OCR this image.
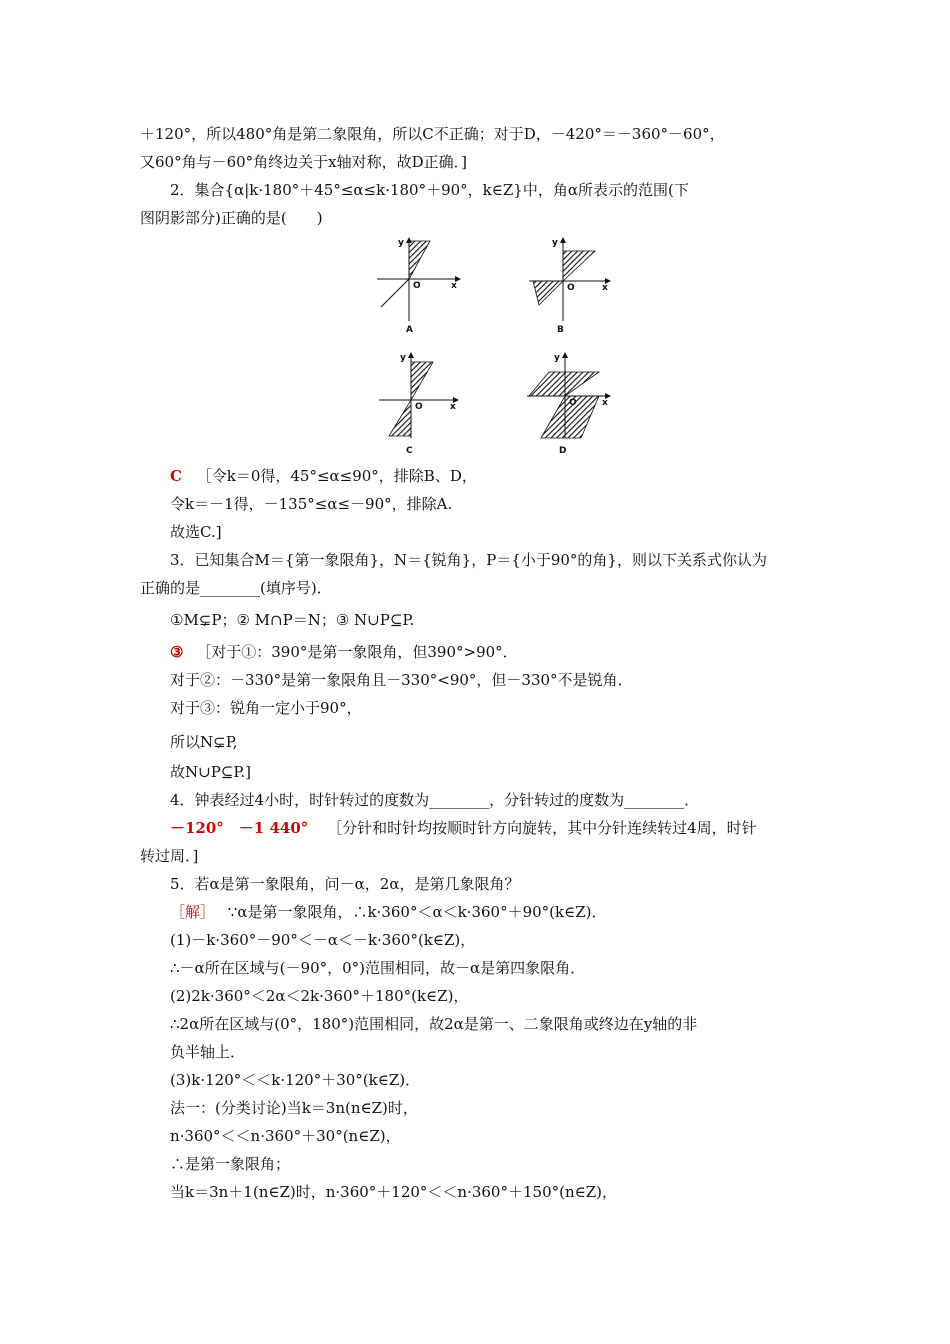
＋120°，所以480°角是第二象限角，所以C不正确；对于D，－420°＝－360°－60°，
又60°角与－60°角终边关于x轴对称，故D正确．]
2．集合{α|k·180°＋45°≤α≤k·180°＋90°，k∈Z}中，角α所表示的范围(下
图阴影部分)正确的是(　　)
y
x
O
A
y
x
O
B
y
x
O
C
y
x
O
D
C ［令k＝0得，45°≤α≤90°，排除B、D，
令k＝－1得，－135°≤α≤－90°，排除A.
故选C.]
3．已知集合M＝{第一象限角}，N＝{锐角}，P＝{小于90°的角}，则以下关系式你认为
正确的是________(填序号)．
①M⊊P；② M∩P＝N；③ N∪P⊆P.
③ ［对于①：390°是第一象限角，但390°>90°．
对于②：－330°是第一象限角且－330°<90°，但－330°不是锐角．
对于③：锐角一定小于90°，
所以N⊊P,
故N∪P⊆P.]
4．钟表经过4小时，时针转过的度数为________，分针转过的度数为________．
－120°　－1 440° ［分针和时针均按顺时针方向旋转，其中分针连续转过4周，时针
转过周．]
5．若α是第一象限角，问－α，2α，是第几象限角？
［解］ ∵α是第一象限角，∴k·360°＜α＜k·360°＋90°(k∈Z)．
(1)－k·360°－90°＜－α＜－k·360°(k∈Z)，
∴－α所在区域与(－90°，0°)范围相同，故－α是第四象限角．
(2)2k·360°＜2α＜2k·360°＋180°(k∈Z)，
∴2α所在区域与(0°，180°)范围相同，故2α是第一、二象限角或终边在y轴的非
负半轴上．
(3)k·120°＜＜k·120°＋30°(k∈Z)．
法一：(分类讨论)当k＝3n(n∈Z)时，
n·360°＜＜n·360°＋30°(n∈Z)，
∴是第一象限角；
当k＝3n＋1(n∈Z)时，n·360°＋120°＜＜n·360°＋150°(n∈Z)，
